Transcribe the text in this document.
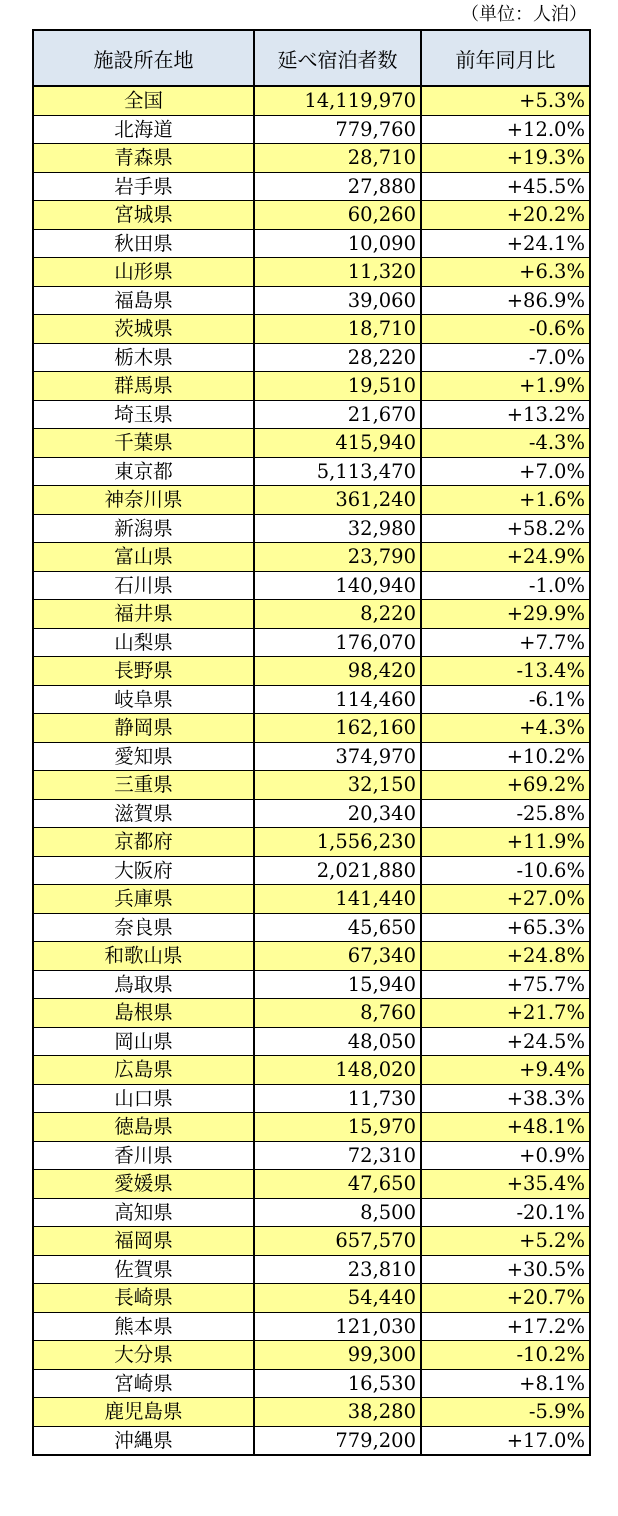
（単位：人泊）
施設所在地	延べ宿泊者数	前年同月比
全国	14,119,970	+5.3%
北海道	779,760	+12.0%
青森県	28,710	+19.3%
岩手県	27,880	+45.5%
宮城県	60,260	+20.2%
秋田県	10,090	+24.1%
山形県	11,320	+6.3%
福島県	39,060	+86.9%
茨城県	18,710	-0.6%
栃木県	28,220	-7.0%
群馬県	19,510	+1.9%
埼玉県	21,670	+13.2%
千葉県	415,940	-4.3%
東京都	5,113,470	+7.0%
神奈川県	361,240	+1.6%
新潟県	32,980	+58.2%
富山県	23,790	+24.9%
石川県	140,940	-1.0%
福井県	8,220	+29.9%
山梨県	176,070	+7.7%
長野県	98,420	-13.4%
岐阜県	114,460	-6.1%
静岡県	162,160	+4.3%
愛知県	374,970	+10.2%
三重県	32,150	+69.2%
滋賀県	20,340	-25.8%
京都府	1,556,230	+11.9%
大阪府	2,021,880	-10.6%
兵庫県	141,440	+27.0%
奈良県	45,650	+65.3%
和歌山県	67,340	+24.8%
鳥取県	15,940	+75.7%
島根県	8,760	+21.7%
岡山県	48,050	+24.5%
広島県	148,020	+9.4%
山口県	11,730	+38.3%
徳島県	15,970	+48.1%
香川県	72,310	+0.9%
愛媛県	47,650	+35.4%
高知県	8,500	-20.1%
福岡県	657,570	+5.2%
佐賀県	23,810	+30.5%
長崎県	54,440	+20.7%
熊本県	121,030	+17.2%
大分県	99,300	-10.2%
宮崎県	16,530	+8.1%
鹿児島県	38,280	-5.9%
沖縄県	779,200	+17.0%
